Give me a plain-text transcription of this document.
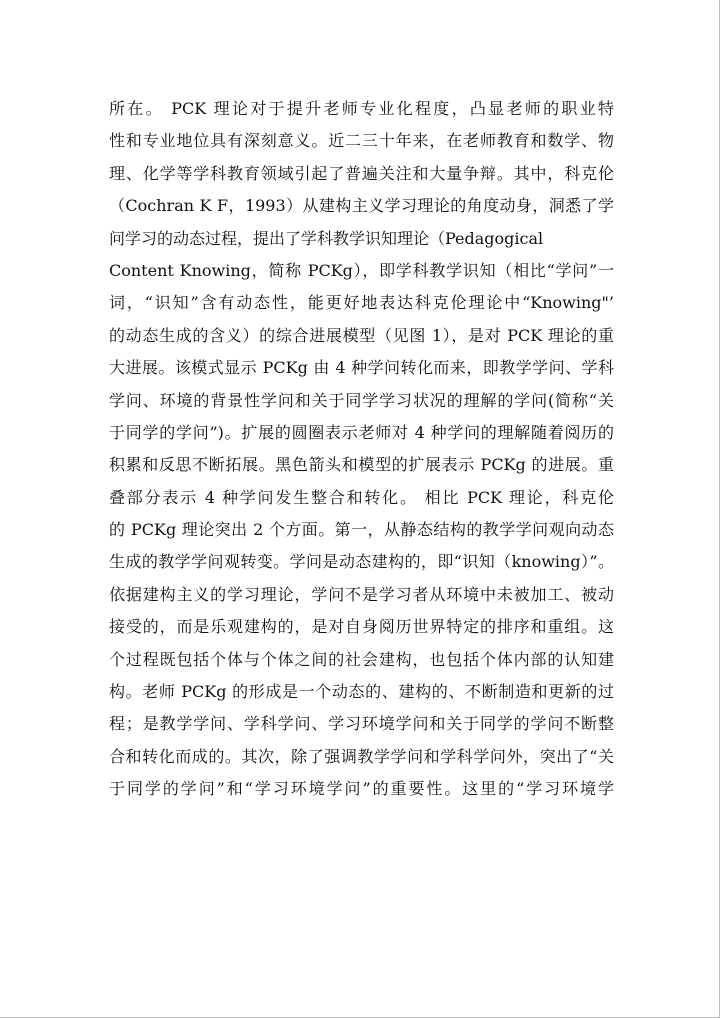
所在。 PCK 理论对于提升老师专业化程度，凸显老师的职业特
性和专业地位具有深刻意义。近二三十年来，在老师教育和数学、物
理、化学等学科教育领域引起了普遍关注和大量争辩。其中，科克伦
（Cochran K F，1993）从建构主义学习理论的角度动身，洞悉了学
问学习的动态过程，提出了学科教学识知理论（Pedagogical
Content Knowing，简称 PCKg），即学科教学识知（相比“学问”一
词，“识知”含有动态性，能更好地表达科克伦理论中“Knowing"’
的动态生成的含义）的综合进展模型（见图 1），是对 PCK 理论的重
大进展。该模式显示 PCKg 由 4 种学问转化而来，即教学学问、学科
学问、环境的背景性学问和关于同学学习状况的理解的学问(简称“关
于同学的学问”)。扩展的圆圈表示老师对 4 种学问的理解随着阅历的
积累和反思不断拓展。黑色箭头和模型的扩展表示 PCKg 的进展。重
叠部分表示 4 种学问发生整合和转化。 相比 PCK 理论，科克伦
的 PCKg 理论突出 2 个方面。第一，从静态结构的教学学问观向动态
生成的教学学问观转变。学问是动态建构的，即“识知（knowing）”。
依据建构主义的学习理论，学问不是学习者从环境中未被加工、被动
接受的，而是乐观建构的，是对自身阅历世界特定的排序和重组。这
个过程既包括个体与个体之间的社会建构，也包括个体内部的认知建
构。老师 PCKg 的形成是一个动态的、建构的、不断制造和更新的过
程；是教学学问、学科学问、学习环境学问和关于同学的学问不断整
合和转化而成的。其次，除了强调教学学问和学科学问外，突出了“关
于同学的学问”和“学习环境学问”的重要性。这里的“学习环境学
